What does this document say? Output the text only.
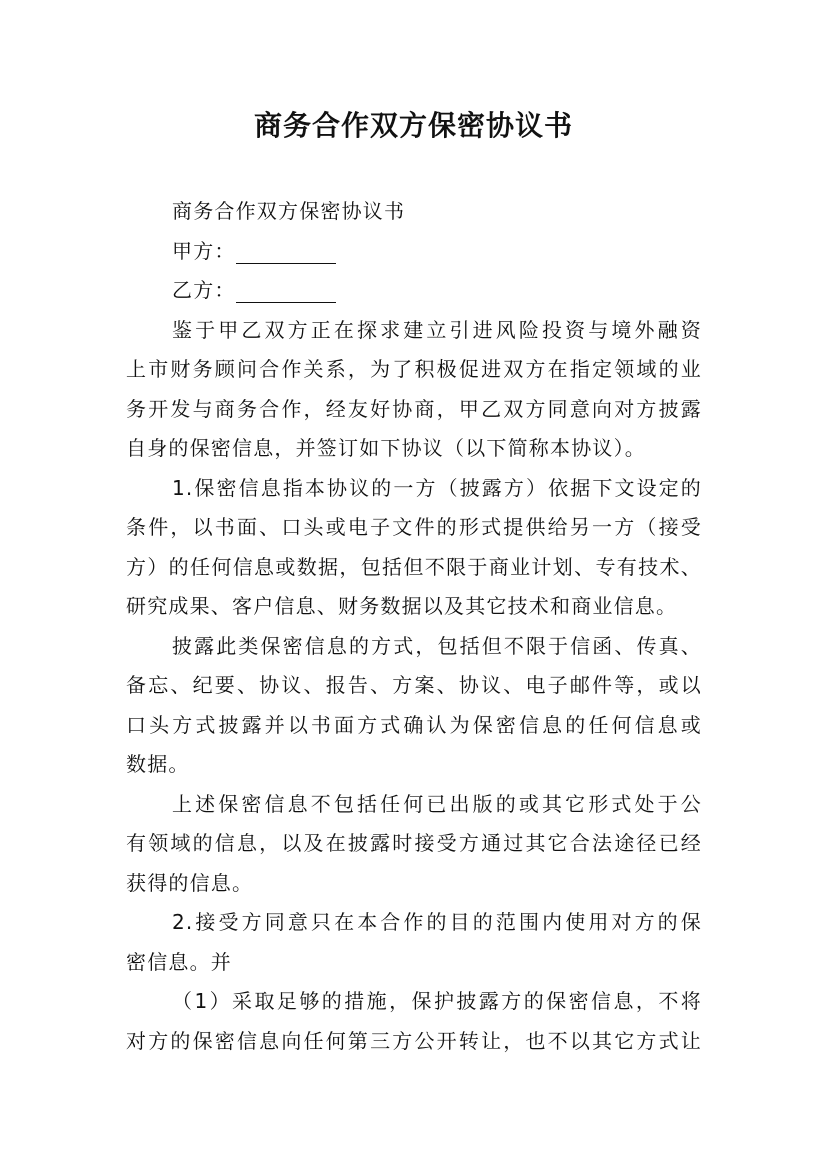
商务合作双方保密协议书
商务合作双方保密协议书
甲方：
乙方：
鉴于甲乙双方正在探求建立引进风险投资与境外融资
上市财务顾问合作关系，为了积极促进双方在指定领域的业
务开发与商务合作，经友好协商，甲乙双方同意向对方披露
自身的保密信息，并签订如下协议（以下简称本协议）。
1.保密信息指本协议的一方（披露方）依据下文设定的
条件，以书面、口头或电子文件的形式提供给另一方（接受
方）的任何信息或数据，包括但不限于商业计划、专有技术、
研究成果、客户信息、财务数据以及其它技术和商业信息。
披露此类保密信息的方式，包括但不限于信函、传真、
备忘、纪要、协议、报告、方案、协议、电子邮件等，或以
口头方式披露并以书面方式确认为保密信息的任何信息或
数据。
上述保密信息不包括任何已出版的或其它形式处于公
有领域的信息，以及在披露时接受方通过其它合法途径已经
获得的信息。
2.接受方同意只在本合作的目的范围内使用对方的保
密信息。并
（1）采取足够的措施，保护披露方的保密信息，不将
对方的保密信息向任何第三方公开转让，也不以其它方式让
